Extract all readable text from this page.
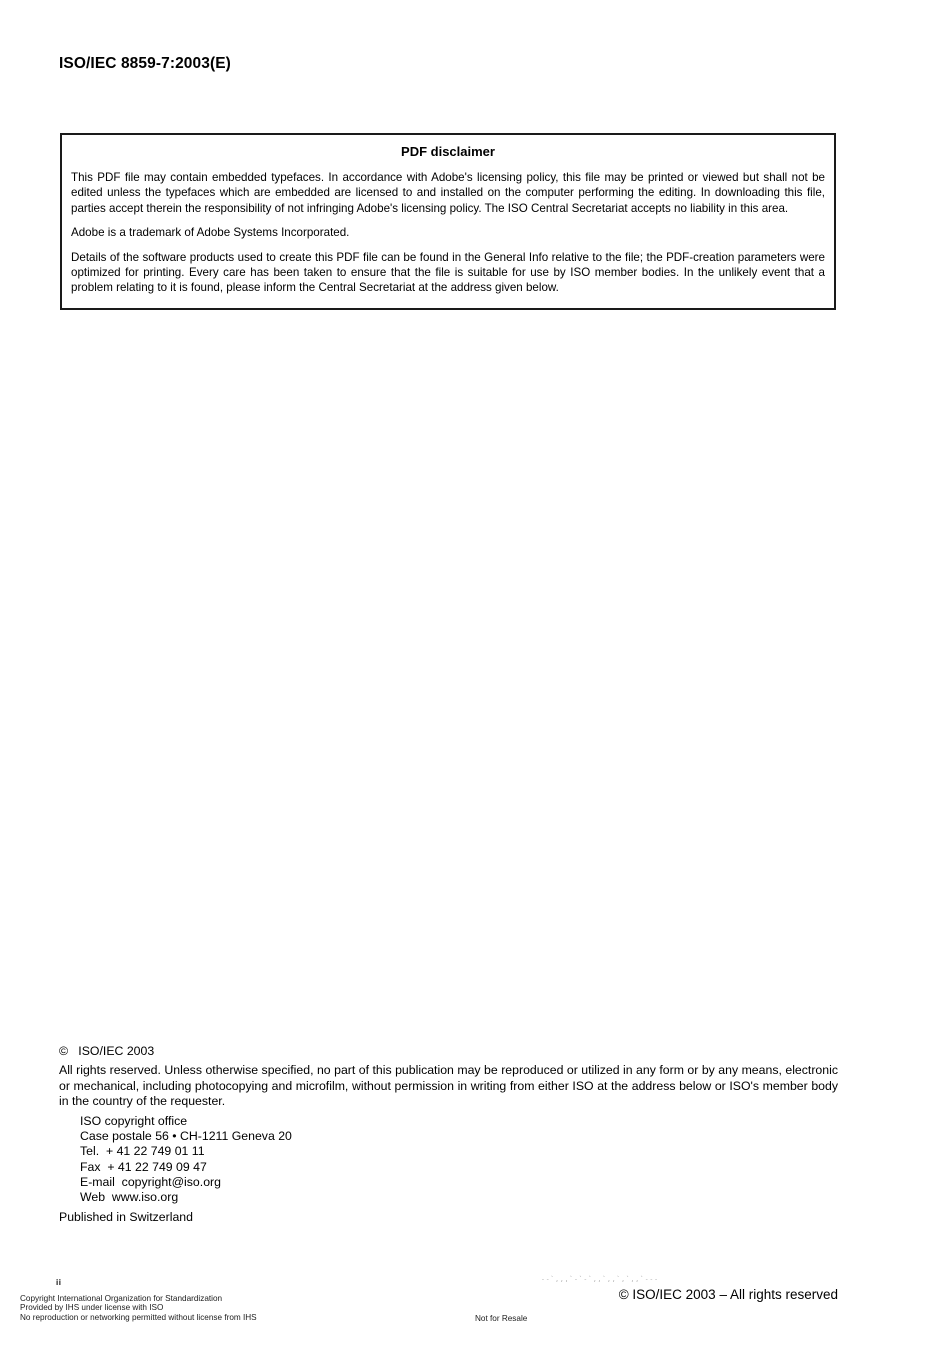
ISO/IEC 8859-7:2003(E)
PDF disclaimer

This PDF file may contain embedded typefaces. In accordance with Adobe's licensing policy, this file may be printed or viewed but shall not be edited unless the typefaces which are embedded are licensed to and installed on the computer performing the editing. In downloading this file, parties accept therein the responsibility of not infringing Adobe's licensing policy. The ISO Central Secretariat accepts no liability in this area.

Adobe is a trademark of Adobe Systems Incorporated.

Details of the software products used to create this PDF file can be found in the General Info relative to the file; the PDF-creation parameters were optimized for printing. Every care has been taken to ensure that the file is suitable for use by ISO member bodies. In the unlikely event that a problem relating to it is found, please inform the Central Secretariat at the address given below.

©   ISO/IEC 2003

All rights reserved. Unless otherwise specified, no part of this publication may be reproduced or utilized in any form or by any means, electronic or mechanical, including photocopying and microfilm, without permission in writing from either ISO at the address below or ISO's member body in the country of the requester.

ISO copyright office
Case postale 56 • CH-1211 Geneva 20
Tel.  + 41 22 749 01 11
Fax  + 41 22 749 09 47
E-mail  copyright@iso.org
Web  www.iso.org
Published in Switzerland
ii
Copyright International Organization for Standardization
Provided by IHS under license with ISO
No reproduction or networking permitted without license from IHS	Not for Resale
--`,,,`-`-`,,`,,`,`,,`---
© ISO/IEC 2003 – All rights reserved
